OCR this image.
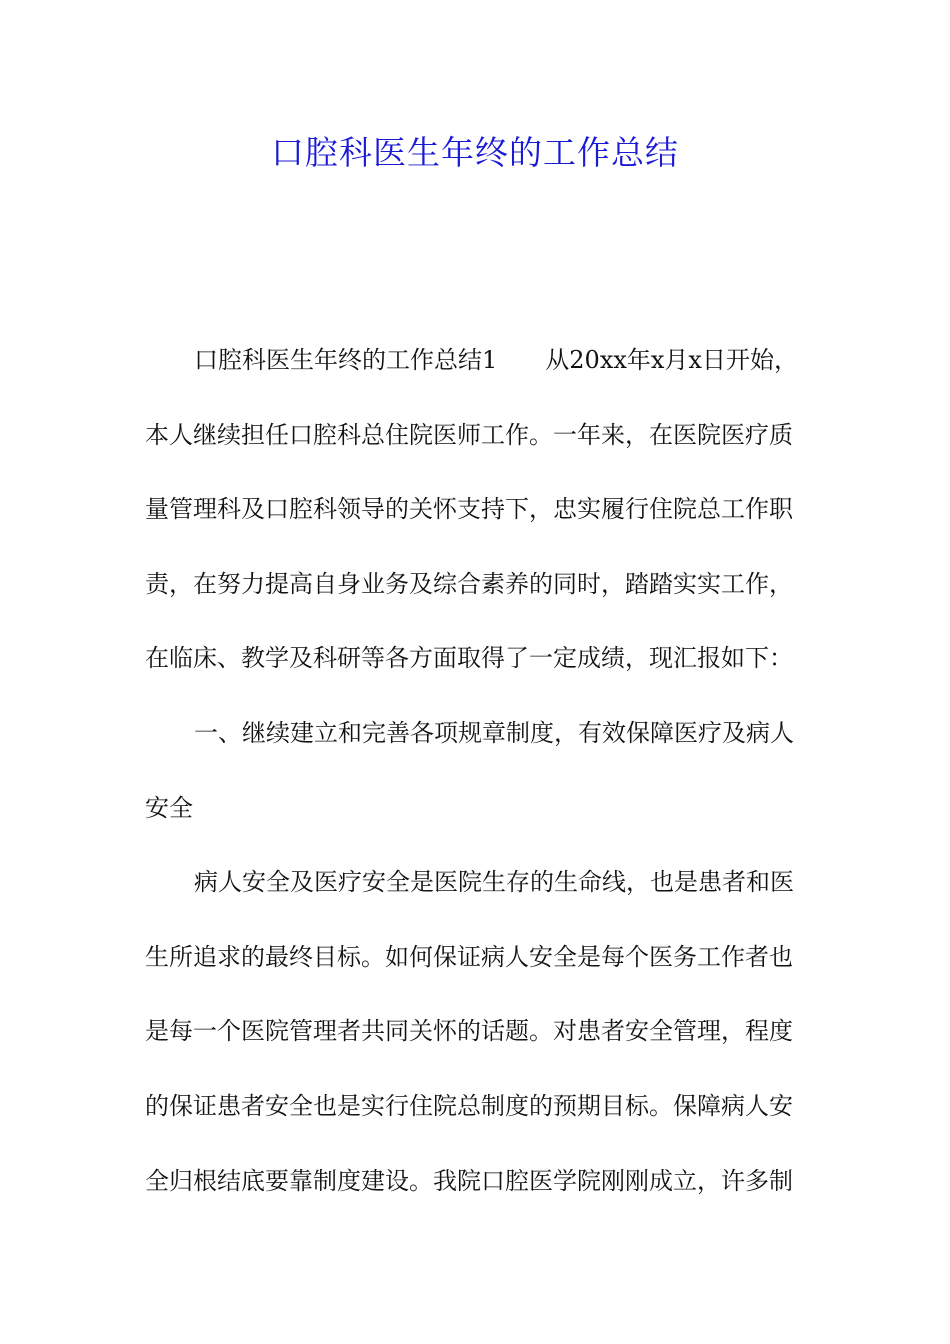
口腔科医生年终的工作总结
口腔科医生年终的工作总结1 从20xx年x月x日开始，
本人继续担任口腔科总住院医师工作。一年来，在医院医疗质
量管理科及口腔科领导的关怀支持下，忠实履行住院总工作职
责，在努力提高自身业务及综合素养的同时，踏踏实实工作，
在临床、教学及科研等各方面取得了一定成绩，现汇报如下：
一、继续建立和完善各项规章制度，有效保障医疗及病人
安全
病人安全及医疗安全是医院生存的生命线，也是患者和医
生所追求的最终目标。如何保证病人安全是每个医务工作者也
是每一个医院管理者共同关怀的话题。对患者安全管理，程度
的保证患者安全也是实行住院总制度的预期目标。保障病人安
全归根结底要靠制度建设。我院口腔医学院刚刚成立，许多制
